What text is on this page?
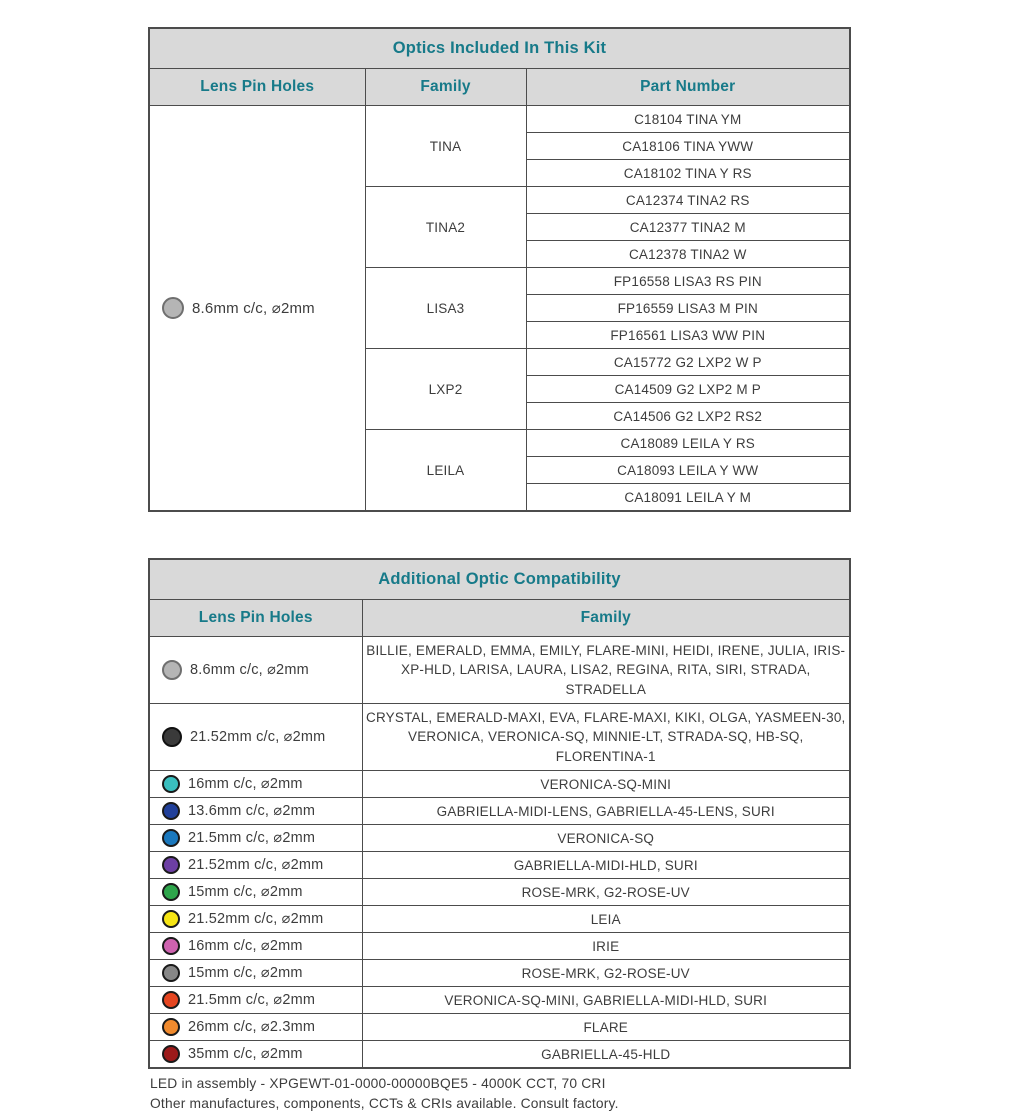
Optics Included In This Kit		
Lens Pin Holes	Family	Part Number

8.6mm c/c, ⌀2mm	TINA	C18104 TINA YM
		CA18106 TINA YWW
		CA18102 TINA Y RS
	TINA2	CA12374 TINA2 RS
		CA12377 TINA2 M
		CA12378 TINA2 W
	LISA3	FP16558 LISA3 RS PIN
		FP16559 LISA3 M PIN
		FP16561 LISA3 WW PIN
	LXP2	CA15772 G2 LXP2 W P
		CA14509 G2 LXP2 M P
		CA14506 G2 LXP2 RS2
	LEILA	CA18089 LEILA Y RS
		CA18093 LEILA Y WW
		CA18091 LEILA Y M
Additional Optic Compatibility	
Lens Pin Holes	Family

8.6mm c/c, ⌀2mm	BILLIE, EMERALD, EMMA, EMILY, FLARE-MINI, HEIDI, IRENE, JULIA, IRIS-XP-HLD, LARISA, LAURA, LISA2, REGINA, RITA, SIRI, STRADA, STRADELLA

21.52mm c/c, ⌀2mm	CRYSTAL, EMERALD-MAXI, EVA, FLARE-MAXI, KIKI, OLGA, YASMEEN-30, VERONICA, VERONICA-SQ, MINNIE-LT, STRADA-SQ, HB-SQ, FLORENTINA-1

16mm c/c, ⌀2mm	VERONICA-SQ-MINI

13.6mm c/c, ⌀2mm	GABRIELLA-MIDI-LENS, GABRIELLA-45-LENS, SURI

21.5mm c/c, ⌀2mm	VERONICA-SQ

21.52mm c/c, ⌀2mm	GABRIELLA-MIDI-HLD, SURI

15mm c/c, ⌀2mm	ROSE-MRK, G2-ROSE-UV

21.52mm c/c, ⌀2mm	LEIA

16mm c/c, ⌀2mm	IRIE

15mm c/c, ⌀2mm	ROSE-MRK, G2-ROSE-UV

21.5mm c/c, ⌀2mm	VERONICA-SQ-MINI, GABRIELLA-MIDI-HLD, SURI

26mm c/c, ⌀2.3mm	FLARE

35mm c/c, ⌀2mm	GABRIELLA-45-HLD
LED in assembly - XPGEWT-01-0000-00000BQE5 - 4000K CCT, 70 CRI
Other manufactures, components, CCTs & CRIs available. Consult factory.
